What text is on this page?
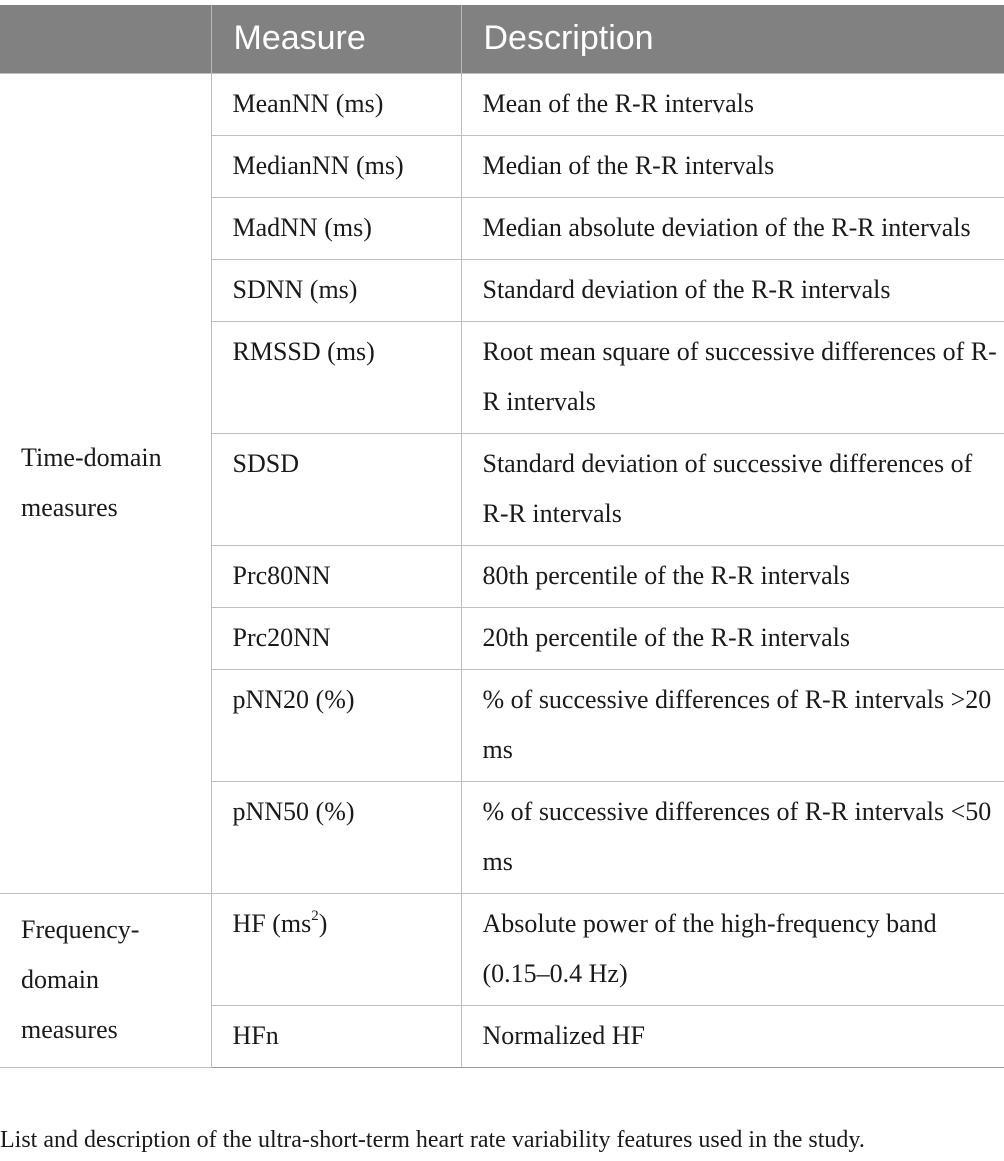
	Measure	Description
Time-domain measures	MeanNN (ms)	Mean of the R-R intervals
	MedianNN (ms)	Median of the R-R intervals
	MadNN (ms)	Median absolute deviation of the R-R intervals
	SDNN (ms)	Standard deviation of the R-R intervals
	RMSSD (ms)	Root mean square of successive differences of R-R intervals
	SDSD	Standard deviation of successive differences of R-R intervals
	Prc80NN	80th percentile of the R-R intervals
	Prc20NN	20th percentile of the R-R intervals
	pNN20 (%)	% of successive differences of R-R intervals >20 ms
	pNN50 (%)	% of successive differences of R-R intervals <50 ms
Frequency-domain measures	HF $(ms^2)$	Absolute power of the high-frequency band (0.15–0.4 Hz)
	HFn	Normalized HF
List and description of the ultra-short-term heart rate variability features used in the study.
